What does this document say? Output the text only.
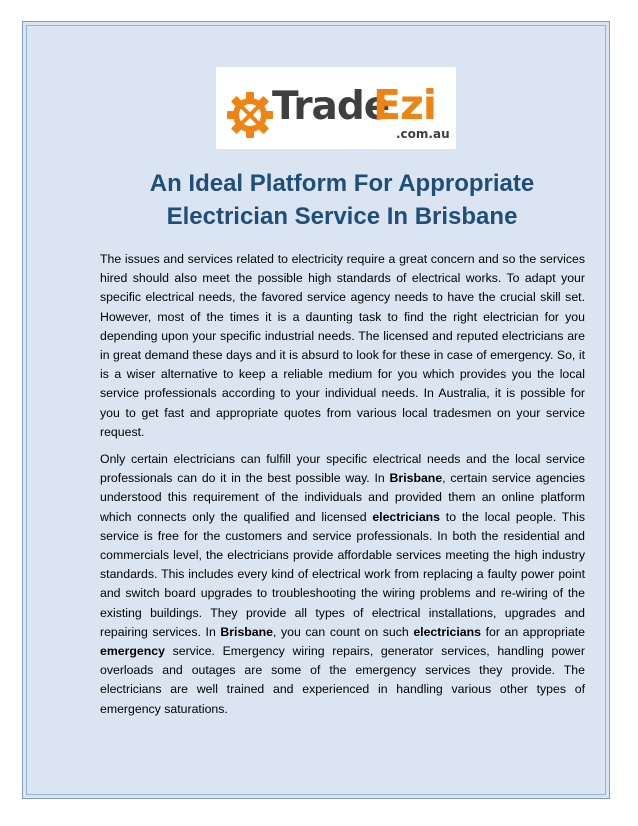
Trade
Ezi
.com.au
An Ideal Platform For Appropriate
Electrician Service In Brisbane

The issues and services related to electricity require a great concern and so the services hired should also meet the possible high standards of electrical works. To adapt your specific electrical needs, the favored service agency needs to have the crucial skill set. However, most of the times it is a daunting task to find the right electrician for you depending upon your specific industrial needs. The licensed and reputed electricians are in great demand these days and it is absurd to look for these in case of emergency. So, it is a wiser alternative to keep a reliable medium for you which provides you the local service professionals according to your individual needs. In Australia, it is possible for you to get fast and appropriate quotes from various local tradesmen on your service request.

Only certain electricians can fulfill your specific electrical needs and the local service professionals can do it in the best possible way. In Brisbane, certain service agencies understood this requirement of the individuals and provided them an online platform which connects only the qualified and licensed electricians to the local people. This service is free for the customers and service professionals. In both the residential and commercials level, the electricians provide affordable services meeting the high industry standards. This includes every kind of electrical work from replacing a faulty power point and switch board upgrades to troubleshooting the wiring problems and re-wiring of the existing buildings. They provide all types of electrical installations, upgrades and repairing services. In Brisbane, you can count on such electricians for an appropriate emergency service. Emergency wiring repairs, generator services, handling power overloads and outages are some of the emergency services they provide. The electricians are well trained and experienced in handling various other types of emergency saturations.
